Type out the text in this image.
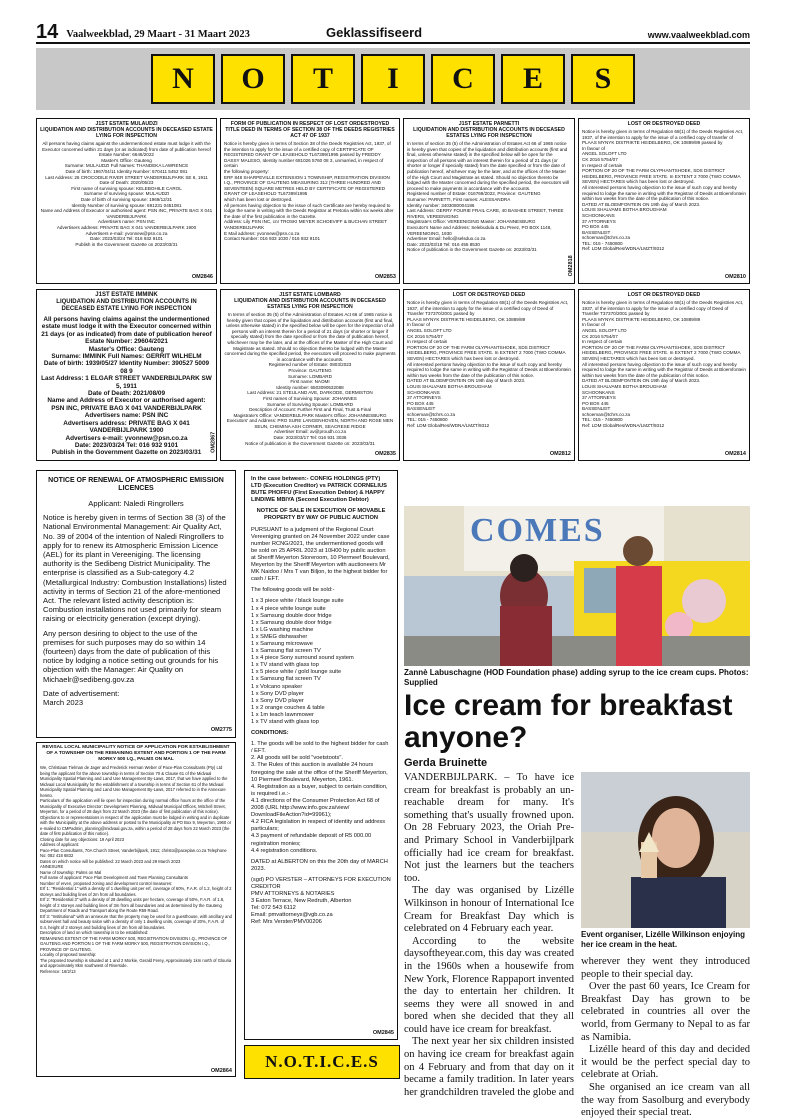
14 Vaalweekblad, 29 Maart - 31 Maart 2023	Geklassifiseerd	www.vaalweekblad.com
N	O	T	I	C	E	S
J1ST ESTATE MULAUDZI
LIQUIDATION AND DISTRIBUTION ACCOUNTS IN DECEASED ESTATE LYING FOR INSPECTION
All persons having claims against the undermentioned estate must lodge it with the Executor concerned within 21 days (or as indicated) from date of publication hereof
Estate Number: 6646/2022
Master's Office: Gauteng
Surname: MULAUDZI Full Names: THANDEKA LAWRENCE
Date of birth: 1967/04/11 Identity Number: 670411 5452 081
Last Address: 26 CROCODILE RIVER STREET VANDERBIJLPARK SE 6, 1911
Date of Death: 2020/05/23
First name of surviving spouse: KELEBOHILE CAROL
Surname of surviving spouse: MULAUDZI
Date of birth of surviving spouse: 1969/12/31
Identity Number of surviving spouse: 691231 0451081
Name and Address of Executor or authorised agent: PSN INC, PRIVATE BAG X 041 VANDERBIJLPARK
Advertisers name: PSN INC
Advertisers address: PRIVATE BAG X 041 VANDERBIJLPARK 1900
Advertisers e-mail: yvonnew@psn.co.za
Date: 2023/03/24 Tel: 016 932 9101
Publish in the Government Gazette on 2023/03/31
OM2846
FORM OF PUBLICATION IN RESPECT OF LOST ORDESTROYED TITLE DEED IN TERMS OF SECTION 38 OF THE DEEDS REGISTRIES ACT 47 OF 1937
Notice is hereby given in terms of Section 38 of the Deeds Registries Act, 1937, of the intention to apply for the issue of a certified copy of CERTIFICATE OF REGISTERED GRANT OF LEASEHOLD TL67399/1995 passed by FREDDY DASSY MALESO, Identity number 681026 5760 08 3, unmarried, in respect of certain
the following property:
ERF 848 SHARPEVILLE EXTENSION 1 TOWNSHIP, REGISTRATION DIVISION I.Q., PROVINCE OF GAUTENG MEASURING 312 (THREE HUNDRED AND SEVENTEEN) SQUARE METRES HELD BY CERTIFICATE OF REGISTERED GRANT OF LEASEHOLD TL67399/1995
which has been lost or destroyed.
All persons having objection to the issue of such Certificate are hereby required to lodge the same in writing with the Deeds Registrar at Pretoria within six weeks after the date of the first publication in the Gazette.
Address: Lily PSN INC, cnr TROSKI MEYER SCHOEVIFF & BUCHAN STREET VANDERBIJLPARK
E Mail address: yvonnew@psn.co.za
Contact Number: 016 933 1030 / 016 932 9101
OM2853
J1ST ESTATE PARNETTI
LIQUIDATION AND DISTRIBUTION ACCOUNTS IN DECEASED ESTATES LYING FOR INSPECTION
In terms of section 35 (5) of the Administration of Estates Act 66 of 1965 notice is hereby given that copies of the liquidation and distribution accounts (first and final, unless otherwise stated) in the specified below will be open for the inspection of all persons with an interest therein for a period of 21 days (or shorter or longer if specially stated) from the date specified or from the date of publication hereof, whichever may be the later, and at the offices of the Master of the High Court and Magistrate as stated. Should no objection thereto be lodged with the Master concerned during the specified period, the executors will proceed to make payments in accordance with the accounts.
Registered number of Estate: 016769/2022, Province: GAUTENG
Surname: PARNETTI, First names: ALESSANDRA
Identity number: 3403080004186
Last Address: GERRY FOURIE FRAIL CARE, 40 BASHEE STREET, THREE RIVERS, VEREENIGING
Magistrate's Office: VEREENIGING Master: JOHANNESBURG
Executor's Name and Address: Selebudula & Du Preez, PO BOX 1146, VEREENIGING, 1930
Advertiser Email: hello@selsduo.co.za
Date: 2023/03/18 Tel: 016 455 8530
Notice of publication in the Government Gazette on: 2023/03/31
OM2818
LOST OR DESTROYED DEED
Notice is hereby given in terms of Regulation 68(1) of the Deeds Registries Act, 1937, of the intention to apply for the issue of a certified copy of transfer of PLAAS MYNYK DISTRIKTE HEIDELBERG, OK 10889/89 passed by
In favour of
ANGEL SOLOFT LTD
CK 2016 5754/07
In respect of certain
PORTION OF 20 OF THE FARM OLYPHANTSHOEK, SDS DISTRICT HEIDELBERG, PROVINCE FREE STATE. In EXTENT 2 7000 (TWO COMMA SEVEN) HECTARES which has been lost or destroyed.
All interested persons having objection to the issue of such copy and hereby required to lodge the same in writing with the Registrar of Deeds at Bloemfontein within two weeks from the date of the publication of this notice.
DATED AT BLOEMFONTEIN ON 19th day of March 2023.
LOUIS SHALVAMS BOTHA BROUGHAM
SCHOONKANS
37 ATTORNEYS
PO BOX 445
BASSENLEIT
schoeman@tchrs.co.za
TEL: 015 - 7450800
Ref: LDM GlobalRes/WDNA/LMZT/9312
OM2810
J1ST ESTATE IMMINK
LIQUIDATION AND DISTRIBUTION ACCOUNTS IN DECEASED ESTATE LYING FOR INSPECTION
All persons having claims against the undermentioned estate must lodge it with the Executor concerned within 21 days (or as indicated) from date of publication hereof
Estate Number: 29604/2021
Master's Office: Gauteng
Surname: IMMINK Full Names: GERRIT WILHELM
Date of birth: 1939/05/27 Identity Number: 390527 5009 08 9
Last Address: 1 ELGAR STREET VANDERBIJLPARK SW 5, 1911
Date of Death: 2021/08/09
Name and Address of Executor or authorised agent: PSN INC, PRIVATE BAG X 041 VANDERBIJLPARK
Advertisers name: PSN INC
Advertisers address: PRIVATE BAG X 041 VANDERBIJLPARK 1900
Advertisers e-mail: yvonnew@psn.co.za
Date: 2023/03/24 Tel: 016 932 9101
Publish in the Government Gazette on 2023/03/31	OM2867
J1ST ESTATE LOMBARD
LIQUIDATION AND DISTRIBUTION ACCOUNTS IN DECEASED ESTATES LYING FOR INSPECTION
In terms of section 35 (5) of the Administration of Estates Act 66 of 1965 notice is hereby given that copies of the liquidation and distribution accounts (first and final, unless otherwise stated) in the specified below will be open for the inspection of all persons with an interest therein for a period of 21 days (or shorter or longer if specially stated) from the date specified or from the date of publication hereof, whichever may be the later, and at the offices of the Master of the High Court and Magistrate as stated. Should no objection thereto be lodged with the Master concerned during the specified period, the executors will proceed to make payments in accordance with the accounts.
Registered number of Estate: 0803/2023
Province: GAUTENG
Surname: LOMBARD
First name: NAOMI
Identity number: 6503090532088
Last Address: 21 STEULAND AVE, DARKODE, GERMISTON
First names of Surviving Spouse: JOHANNES
Surname of Surviving Spouse: LOMBARD
Description of Account: Further First and Final, Trust & Final
Magistrate's Office: VANDERBIJLPARK Master's Office: JOHANNESBURG
Executors' and Address: PRO SURE LANGENHOVEN, NORTH AND ROSE MEN SEUN, CHEMINA ASH CORNER, SEACRESE RIDGE
Advertiser Email: av@proudh.co.za
Date: 2023/03/17 Tel: 016 931 3036
Notice of publication in the Government Gazette on: 2023/03/31
OM2835
LOST OR DESTROYED DEED
Notice is hereby given in terms of Regulation 68(1) of the Deeds Registries Act, 1937, of the intention to apply for the issue of a certified copy of Deed of Transfer T37370/2001 passed by
PLAAS MYNYK DISTRIKTE HEIDELBERG, OK 10889/89
In favour of
ANGEL SOLOFT LTD
CK 2016 5754/07
In respect of certain
PORTION OF 20 OF THE FARM OLYPHANTSHOEK, SDS DISTRICT HEIDELBERG, PROVINCE FREE STATE. In EXTENT 2 7000 (TWO COMMA SEVEN) HECTARES which has been lost or destroyed.
All interested persons having objection to the issue of such copy and hereby required to lodge the same in writing with the Registrar of Deeds at Bloemfontein within two weeks from the date of the publication of this notice.
DATED AT BLOEMFONTEIN ON 19th day of March 2023.
LOUIS SHALVAMS BOTHA BROUGHAM
SCHOONKANS
37 ATTORNEYS
PO BOX 445
BASSENLEIT
schoeman@tchrs.co.za
TEL: 015 - 7450800
Ref: LDM GlobalRes/WDNA/LMZT/9312
OM2812
LOST OR DESTROYED DEED
Notice is hereby given in terms of Regulation 68(1) of the Deeds Registries Act, 1937, of the intention to apply for the issue of a certified copy of Deed of Transfer T37370/2001 passed by
PLAAS MYNYK DISTRIKTE HEIDELBERG, OK 10889/89
In favour of
ANGEL SOLOFT LTD
CK 2016 5754/07
In respect of certain
PORTION OF 20 OF THE FARM OLYPHANTSHOEK, SDS DISTRICT HEIDELBERG, PROVINCE FREE STATE. In EXTENT 2 7000 (TWO COMMA SEVEN) HECTARES which has been lost or destroyed.
All interested persons having objection to the issue of such copy and hereby required to lodge the same in writing with the Registrar of Deeds at Bloemfontein within two weeks from the date of the publication of this notice.
DATED AT BLOEMFONTEIN ON 19th day of March 2023.
LOUIS SHALVAMS BOTHA BROUGHAM
SCHOONKANS
37 ATTORNEYS
PO BOX 445
BASSENLEIT
schoeman@tchrs.co.za
TEL: 015 - 7450800
Ref: LDM GlobalRes/WDNA/LMZT/9312
OM2814
NOTICE OF RENEWAL OF ATMOSPHERIC EMISSION LICENCES

Applicant: Naledi Ringrollers

Notice is hereby given in terms of Section 38 (3) of the National Environmental Management: Air Quality Act, No. 39 of 2004 of the intention of Naledi Ringrollers to apply for to renew its Atmospheric Emission Licence (AEL) for its plant in Vereeniging. The licensing authority is the Sedibeng District Municipality. The enterprise is classified as a Sub-category 4.2 (Metallurgical Industry: Combustion Installations) listed activity in terms of Section 21 of the afore-mentioned Act. The relevant listed activity description is: Combustion installations not used primarily for steam raising or electricity generation (except drying).

Any person desiring to object to the use of the premises for such purposes may do so within 14 (fourteen) days from the date of publication of this notice by lodging a notice setting out grounds for his objection with the Manager: Air Quality on Michaelr@sedibeng.gov.za

Date of advertisement:

March 2023

OM2775
REVISAL LOCAL MUNICIPALITY NOTICE OF APPLICATION FOR ESTABLISHMENT OF A TOWNSHIP ON THE REMAINING EXTENT AND PORTION 1 OF THE FARM MORKY 500 I.Q., PALMS ON MAL
We, Christiaan Tielman de Jager and Frederick Herman Weber of Pace-Plan Consultants (Pty) Ltd being the applicant for the above township in terms of Section 70 & Clause 61 of the Midvaal Municipality Spatial Planning and Land Use Management By-Laws, 2017, that we have applied to the Midvaal Local Municipality for the establishment of a township in terms of Section 61 of the Midvaal Municipality Spatial Planning and Land Use Management By-Laws, 2017 referred to in the Annexure hereto.
Particulars of the application will lie open for inspection during normal office hours at the office of the Municipality of Executive Director: Development Planning, Midvaal Municipal Offices, Mitchell Street, Meyerton, for a period of 28 days from 22 March 2023 (the date of first publication of this notice).
Objections to or representations in respect of the application must be lodged in writing and in duplicate with the Municipality at the above address or posted to the Municipality at PO Box 9, Meyerton, 1960 or e-mailed to CMPadmin_planning@midvaal.gov.za, within a period of 28 days from 22 March 2023 (the date of first publication of this notice).
Closing date for any objections: 19 April 2023
Address of applicant:
Pace-Plan Consultants, 70A Church Street, Vanderbijlpark, 1911; christo@paceplan.co.za Telephone No: 082 418 6832
Dates on which notice will be published: 22 March 2023 and 29 March 2023
ANNEXURE
Name of township: Palms on Mal
Full name of applicant: Pace Plan Development and Town Planning Consultants
Number of erven, proposed zoning and development control measures:
Erf 1: "Residential 1" with a density of 1 dwelling unit per erf, coverage of 60%, F.A.R. of 1.2, height of 2 storeys and building lines of 2m from all boundaries.
Erf 2: "Residential 3" with a density of 28 dwelling units per hectare, coverage of 50%, F.A.R. of 1.8, height of 2 storeys and building lines of 3m from all boundaries and as determined by the Gauteng Department of Roads and Transport along the Route R59 Road.
Erf 3: "Institutional" with an annexure that the property may be used for a guesthouse, with ancillary and subservient hall and beauty salon with a density of only 1 dwelling units, coverage of 20%, F.A.R. of 0.4, height of 2 storeys and building lines of 2m from all boundaries.
Description of land on which township is to be established:
REMAINING EXTENT OF THE FARM MORKY 500, REGISTRATION DIVISION I.Q., PROVINCE OF GAUTENG AND PORTION 1 OF THE FARM MORKY 500, REGISTRATION DIVISION I.Q., PROVINCE OF GAUTENG.
Locality of proposed township:
The proposed township is situated at 1 and 2 Morkie, Gerald Ferey, Approximately 1km north of Glouria and approximately 8km southwest of Riverside.
Reference: 16/2/13
OM2864

In the case between:- CONFIG HOLDINGS (PTY) LTD (Execution Creditor) vs PATRICK CORNELIUS BUTE PHOFFU (First Execution Debtor) & HAPPY LINDIWE MBIYA (Second Execution Debtor)

NOTICE OF SALE IN EXECUTION OF MOVABLE PROPERTY BY WAY OF PUBLIC AUCTION

PURSUANT to a judgment of the Regional Court Vereeniging granted on 24 November 2022 under case number RCNG/2021, the undermentioned goods will be sold on 25 APRIL 2023 at 10H00 by public auction at Sheriff Meyerton Storeroom, 10 Piermeef Boulevard, Meyerton by the Sheriff Meyerton with auctioneers Mr MK Naidoo / Mrs T van Biljon, to the highest bidder for cash / EFT.

The following goods will be sold:-

1 x 3 piece white / black lounge suite
1 x 4 piece white lounge suite
1 x Samsung double door fridge
1 x Samsung double door fridge
1 x LG washing machine
1 x SMEG dishwasher
1 x Samsung microwave
1 x Samsung flat screen TV
1 x 4 piece Sony surround sound system
1 x TV stand with glass top
1 x 5 piece white / gold lounge suite
1 x Samsung flat screen TV
1 x Volcano speaker
1 x Sony DVD player
1 x Sony DVD player
1 x 2 orange couches & table
1 x 1m teach lawnmower
1 x TV stand with glass top

CONDITIONS:

1. The goods will be sold to the highest bidder for cash / EFT.
2. All goods will be sold "voetstoots".
3. The Rules of this auction is available 24 hours foregoing the sale at the office of the Sheriff Meyerton, 10 Piermeef Boulevard, Meyerton, 1961.
4. Registration as a buyer, subject to certain condition, is required i.e.:-
4.1 directions of the Consumer Protection Act 68 of 2008 (URL http://www.info.gov.za/view/ DownloadFileAction?id=99961);
4.2 FICA legislation in respect of identity and address particulars;
4.3 payment of refundable deposit of R5 000.00 registration monies;
4.4 registration conditions.

DATED at ALBERTON on this the 20th day of MARCH 2023.

(sgd) PO VERSTER – ATTORNEYS FOR EXECUTION CREDITOR
PMV ATTORNEYS & NOTARIES
3 Eaton Terrace, New Redruth, Alberton
Tel: 072 543 6112
Email: pmvattorneys@vgb.co.za
Ref: Mrs Verster/PMV00206

OM2845
N.O.T.I.C.E.S
COMES
Zannè Labuschagne (HOD Foundation phase) adding syrup to the ice cream cups. Photos: Supplied
Ice cream for breakfast anyone?
Gerda Bruinette

VANDERBIJLPARK. – To have ice cream for breakfast is probably an un-reachable dream for many. It's something that's usually frowned upon. On 28 February 2023, the Oriah Pre- and Primary School in Vanderbijlpark officially had ice cream for breakfast. Not just the learners but the teachers too.

The day was organised by Lizélle Wilkinson in honour of International Ice Cream for Breakfast Day which is celebrated on 4 February each year.

According to the website daysoftheyear.com, this day was created in the 1960s when a housewife from New York, Florence Rappaport invented the day to entertain her children. It seems they were all snowed in and bored when she decided that they all could have ice cream for breakfast.

The next year her six children insisted on having ice cream for breakfast again on 4 February and from that day on it became a family tradition. In later years her grandchildren traveled the globe and

Event organiser, Lizélle Wilkinson enjoying her ice cream in the heat.

wherever they went they introduced people to their special day.

Over the past 60 years, Ice Cream for Breakfast Day has grown to be celebrated in countries all over the world, from Germany to Nepal to as far as Namibia.

Lizélle heard of this day and decided it would be the perfect special day to celebrate at Oriah.

She organised an ice cream van all the way from Sasolburg and everybody enjoyed their special treat.
